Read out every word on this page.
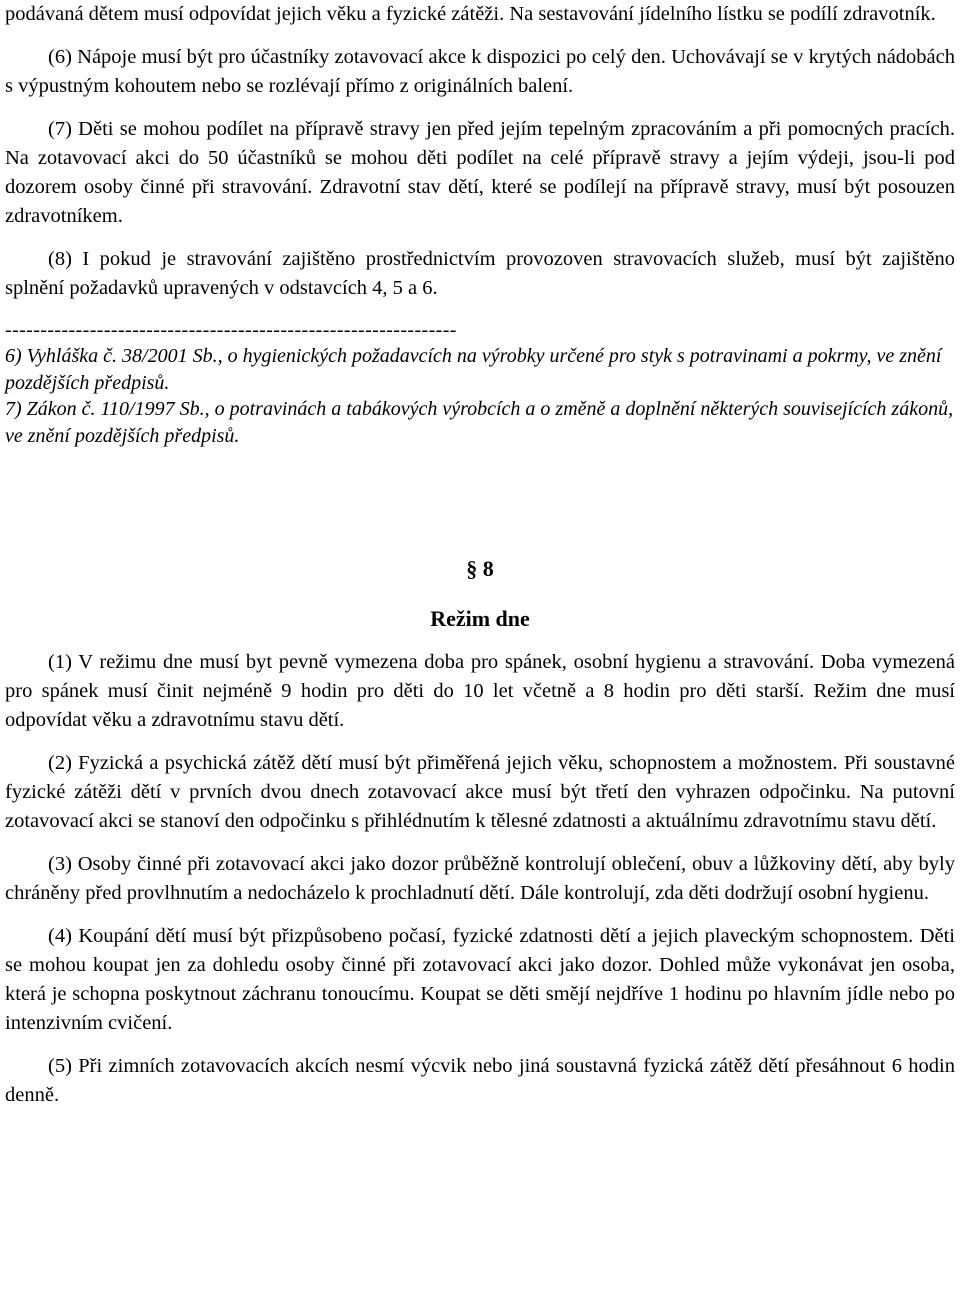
podávaná dětem musí odpovídat jejich věku a fyzické zátěži. Na sestavování jídelního lístku se podílí zdravotník.

(6) Nápoje musí být pro účastníky zotavovací akce k dispozici po celý den. Uchovávají se v krytých nádobách s výpustným kohoutem nebo se rozlévají přímo z originálních balení.

(7) Děti se mohou podílet na přípravě stravy jen před jejím tepelným zpracováním a při pomocných pracích. Na zotavovací akci do 50 účastníků se mohou děti podílet na celé přípravě stravy a jejím výdeji, jsou-li pod dozorem osoby činné při stravování. Zdravotní stav dětí, které se podílejí na přípravě stravy, musí být posouzen zdravotníkem.

(8) I pokud je stravování zajištěno prostřednictvím provozoven stravovacích služeb, musí být zajištěno splnění požadavků upravených v odstavcích 4, 5 a 6.

----------------------------------------------------------------

6) Vyhláška č. 38/2001 Sb., o hygienických požadavcích na výrobky určené pro styk s potravinami a pokrmy, ve znění pozdějších předpisů.

7) Zákon č. 110/1997 Sb., o potravinách a tabákových výrobcích a o změně a doplnění některých souvisejících zákonů, ve znění pozdějších předpisů.

§ 8
Režim dne

(1) V režimu dne musí byt pevně vymezena doba pro spánek, osobní hygienu a stravování. Doba vymezená pro spánek musí činit nejméně 9 hodin pro děti do 10 let včetně a 8 hodin pro děti starší. Režim dne musí odpovídat věku a zdravotnímu stavu dětí.

(2) Fyzická a psychická zátěž dětí musí být přiměřená jejich věku, schopnostem a možnostem. Při soustavné fyzické zátěži dětí v prvních dvou dnech zotavovací akce musí být třetí den vyhrazen odpočinku. Na putovní zotavovací akci se stanoví den odpočinku s přihlédnutím k tělesné zdatnosti a aktuálnímu zdravotnímu stavu dětí.

(3) Osoby činné při zotavovací akci jako dozor průběžně kontrolují oblečení, obuv a lůžkoviny dětí, aby byly chráněny před provlhnutím a nedocházelo k prochladnutí dětí. Dále kontrolují, zda děti dodržují osobní hygienu.

(4) Koupání dětí musí být přizpůsobeno počasí, fyzické zdatnosti dětí a jejich plaveckým schopnostem. Děti se mohou koupat jen za dohledu osoby činné při zotavovací akci jako dozor. Dohled může vykonávat jen osoba, která je schopna poskytnout záchranu tonoucímu. Koupat se děti smějí nejdříve 1 hodinu po hlavním jídle nebo po intenzivním cvičení.

(5) Při zimních zotavovacích akcích nesmí výcvik nebo jiná soustavná fyzická zátěž dětí přesáhnout 6 hodin denně.
